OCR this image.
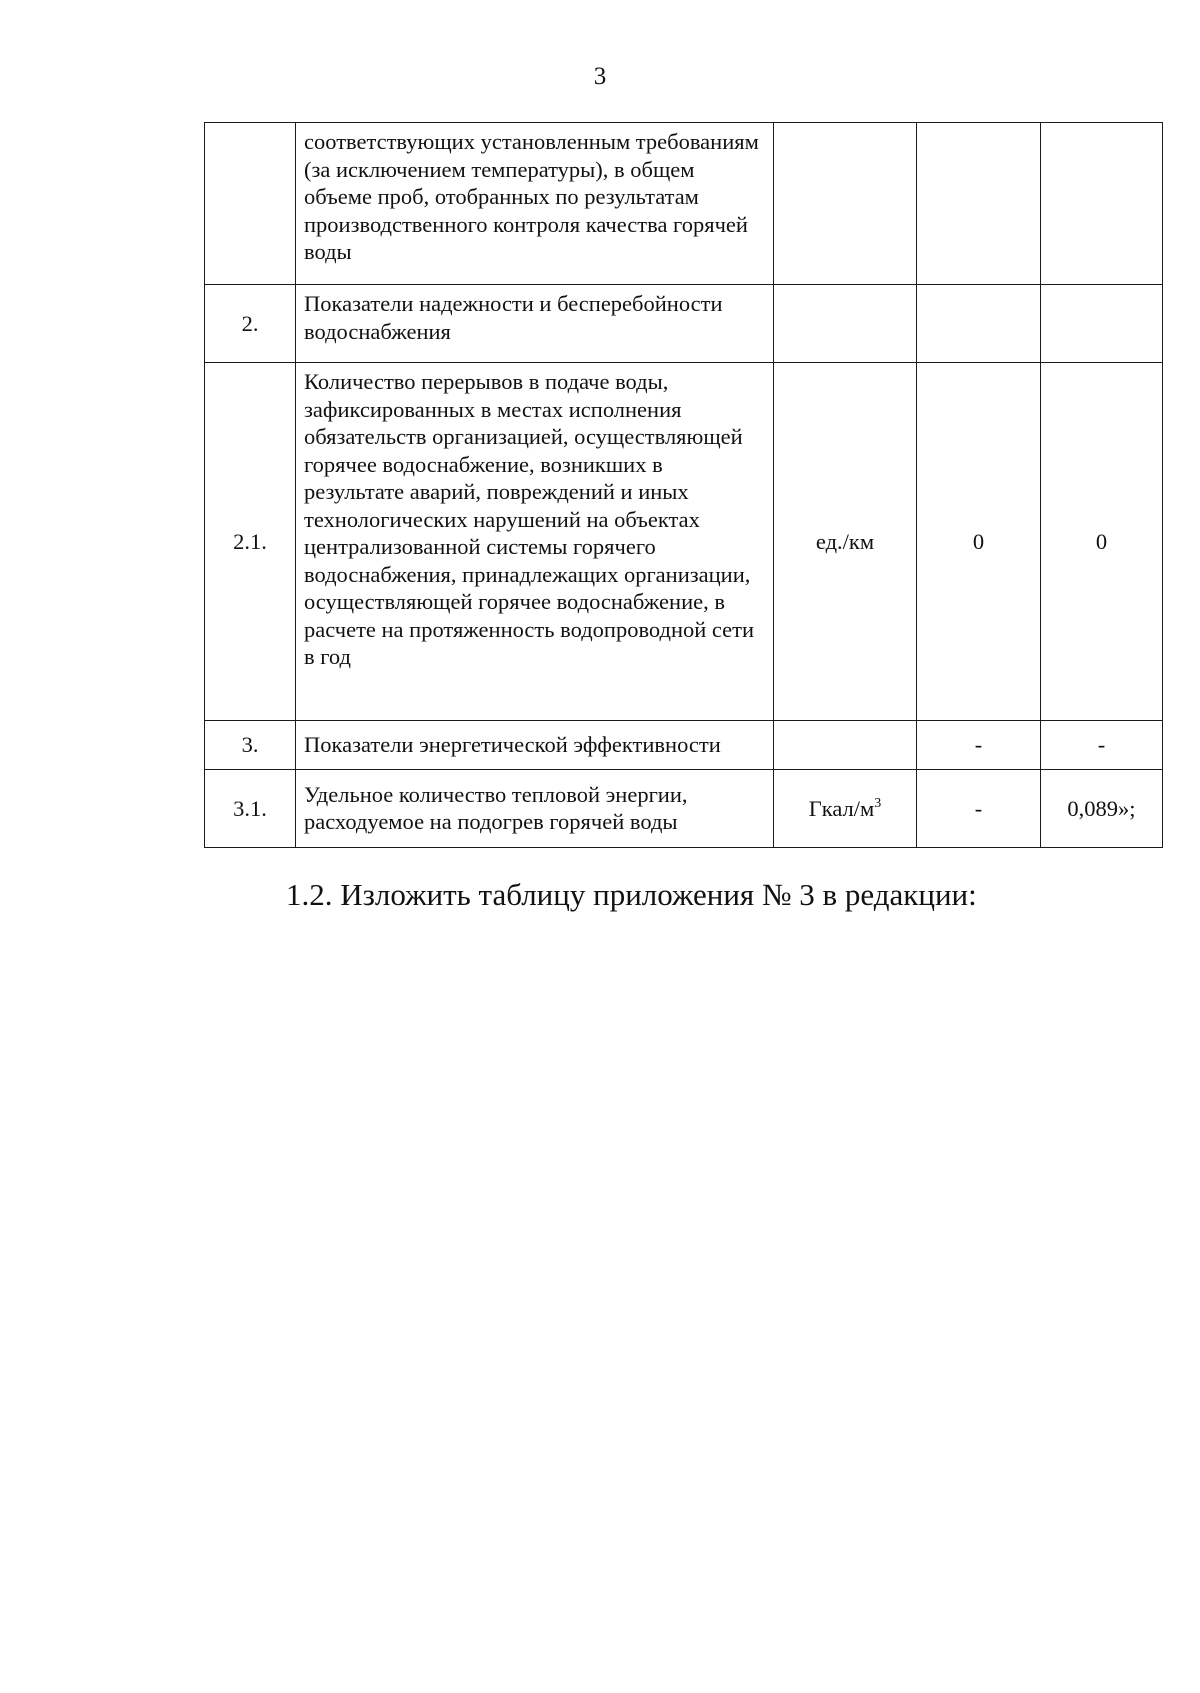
3
	соответствующих установленным требованиям (за исключением температуры), в общем объеме проб, отобранных по результатам производственного контроля качества горячей воды			
2.	Показатели надежности и бесперебойности водоснабжения			
2.1.	Количество перерывов в подаче воды, зафиксированных в местах исполнения обязательств организацией, осуществляющей горячее водоснабжение, возникших в результате аварий, повреждений и иных технологических нарушений на объектах централизованной системы горячего водоснабжения, принадлежащих организации, осуществляющей горячее водоснабжение, в расчете на протяженность водопроводной сети в год	ед./км	0	0
3.	Показатели энергетической эффективности		-	-
3.1.	Удельное количество тепловой энергии, расходуемое на подогрев горячей воды	Гкал/$м^3$	-	0,089»;
1.2. Изложить таблицу приложения № 3 в редакции:
